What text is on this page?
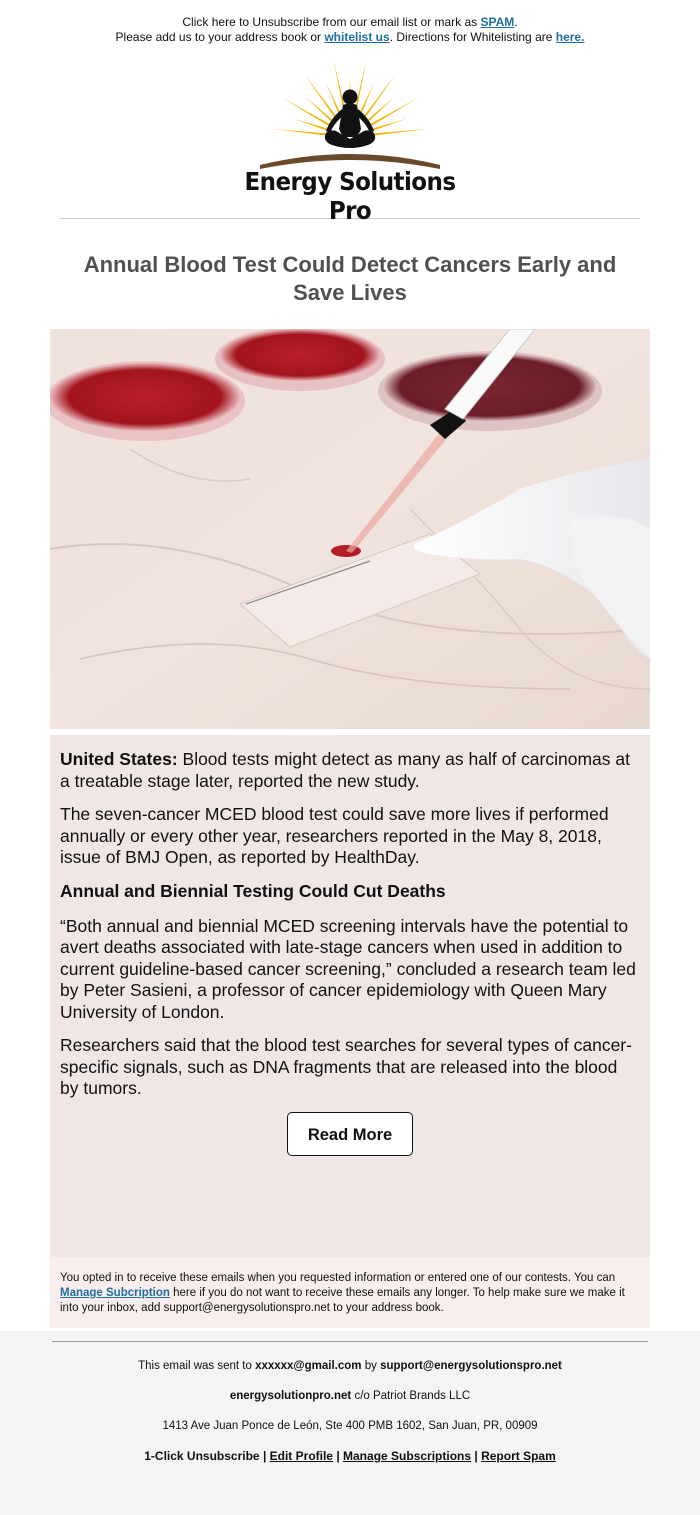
Click here to Unsubscribe from our email list or mark as SPAM.
Please add us to your address book or whitelist us. Directions for Whitelisting are here.
Energy Solutions Pro
Annual Blood Test Could Detect Cancers Early and Save Lives

United States: Blood tests might detect as many as half of carcinomas at a treatable stage later, reported the new study.

The seven-cancer MCED blood test could save more lives if performed annually or every other year, researchers reported in the May 8, 2018, issue of BMJ Open, as reported by HealthDay.

Annual and Biennial Testing Could Cut Deaths

“Both annual and biennial MCED screening intervals have the potential to avert deaths associated with late-stage cancers when used in addition to current guideline-based cancer screening,” concluded a research team led by Peter Sasieni, a professor of cancer epidemiology with Queen Mary University of London.

Researchers said that the blood test searches for several types of cancer-specific signals, such as DNA fragments that are released into the blood by tumors.

Read More
You opted in to receive these emails when you requested information or entered one of our contests. You can Manage Subcription here if you do not want to receive these emails any longer. To help make sure we make it into your inbox, add support@energysolutionspro.net to your address book.
This email was sent to xxxxxx@gmail.com by support@energysolutionspro.net
energysolutionpro.net c/o Patriot Brands LLC
1413 Ave Juan Ponce de León, Ste 400 PMB 1602, San Juan, PR, 00909
1-Click Unsubscribe | Edit Profile | Manage Subscriptions | Report Spam
